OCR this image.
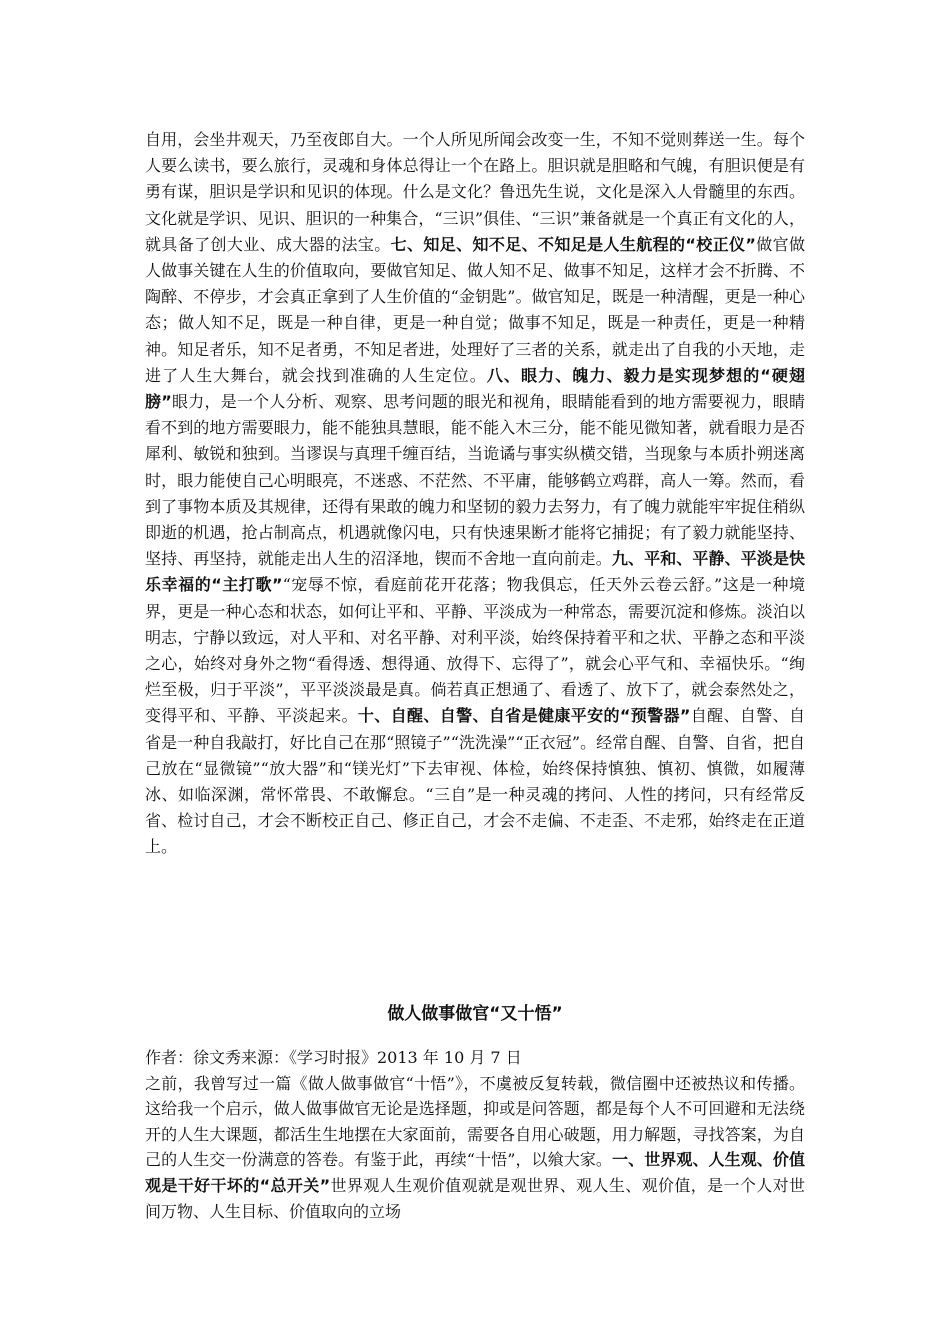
自用，会坐井观天，乃至夜郎自大。一个人所见所闻会改变一生，不知不觉则葬送一生。每个人要么读书，要么旅行，灵魂和身体总得让一个在路上。胆识就是胆略和气魄，有胆识便是有勇有谋，胆识是学识和见识的体现。什么是文化？鲁迅先生说，文化是深入人骨髓里的东西。文化就是学识、见识、胆识的一种集合，“三识”俱佳、“三识”兼备就是一个真正有文化的人，就具备了创大业、成大器的法宝。七、知足、知不足、不知足是人生航程的“校正仪”做官做人做事关键在人生的价值取向，要做官知足、做人知不足、做事不知足，这样才会不折腾、不陶醉、不停步，才会真正拿到了人生价值的“金钥匙”。做官知足，既是一种清醒，更是一种心态；做人知不足，既是一种自律，更是一种自觉；做事不知足，既是一种责任，更是一种精神。知足者乐，知不足者勇，不知足者进，处理好了三者的关系，就走出了自我的小天地，走进了人生大舞台，就会找到准确的人生定位。八、眼力、魄力、毅力是实现梦想的“硬翅膀”眼力，是一个人分析、观察、思考问题的眼光和视角，眼睛能看到的地方需要视力，眼睛看不到的地方需要眼力，能不能独具慧眼，能不能入木三分，能不能见微知著，就看眼力是否犀利、敏锐和独到。当谬误与真理千缠百结，当诡谲与事实纵横交错，当现象与本质扑朔迷离时，眼力能使自己心明眼亮，不迷惑、不茫然、不平庸，能够鹤立鸡群，高人一筹。然而，看到了事物本质及其规律，还得有果敢的魄力和坚韧的毅力去努力，有了魄力就能牢牢捉住稍纵即逝的机遇，抢占制高点，机遇就像闪电，只有快速果断才能将它捕捉；有了毅力就能坚持、坚持、再坚持，就能走出人生的沼泽地，锲而不舍地一直向前走。九、平和、平静、平淡是快乐幸福的“主打歌”“宠辱不惊，看庭前花开花落；物我俱忘，任天外云卷云舒。”这是一种境界，更是一种心态和状态，如何让平和、平静、平淡成为一种常态，需要沉淀和修炼。淡泊以明志，宁静以致远，对人平和、对名平静、对利平淡，始终保持着平和之状、平静之态和平淡之心，始终对身外之物“看得透、想得通、放得下、忘得了”，就会心平气和、幸福快乐。“绚烂至极，归于平淡”，平平淡淡最是真。倘若真正想通了、看透了、放下了，就会泰然处之，变得平和、平静、平淡起来。十、自醒、自警、自省是健康平安的“预警器”自醒、自警、自省是一种自我敲打，好比自己在那“照镜子”“洗洗澡”“正衣冠”。经常自醒、自警、自省，把自己放在“显微镜”“放大器”和“镁光灯”下去审视、体检，始终保持慎独、慎初、慎微，如履薄冰、如临深渊，常怀常畏、不敢懈怠。“三自”是一种灵魂的拷问、人性的拷问，只有经常反省、检讨自己，才会不断校正自己、修正自己，才会不走偏、不走歪、不走邪，始终走在正道上。
做人做事做官“又十悟”
作者：徐文秀来源：《学习时报》2013 年 10 月 7 日
之前，我曾写过一篇《做人做事做官“十悟”》，不虞被反复转载，微信圈中还被热议和传播。这给我一个启示，做人做事做官无论是选择题，抑或是问答题，都是每个人不可回避和无法绕开的人生大课题，都活生生地摆在大家面前，需要各自用心破题，用力解题，寻找答案，为自己的人生交一份满意的答卷。有鉴于此，再续“十悟”，以飨大家。一、世界观、人生观、价值观是干好干坏的“总开关”世界观人生观价值观就是观世界、观人生、观价值，是一个人对世间万物、人生目标、价值取向的立场
